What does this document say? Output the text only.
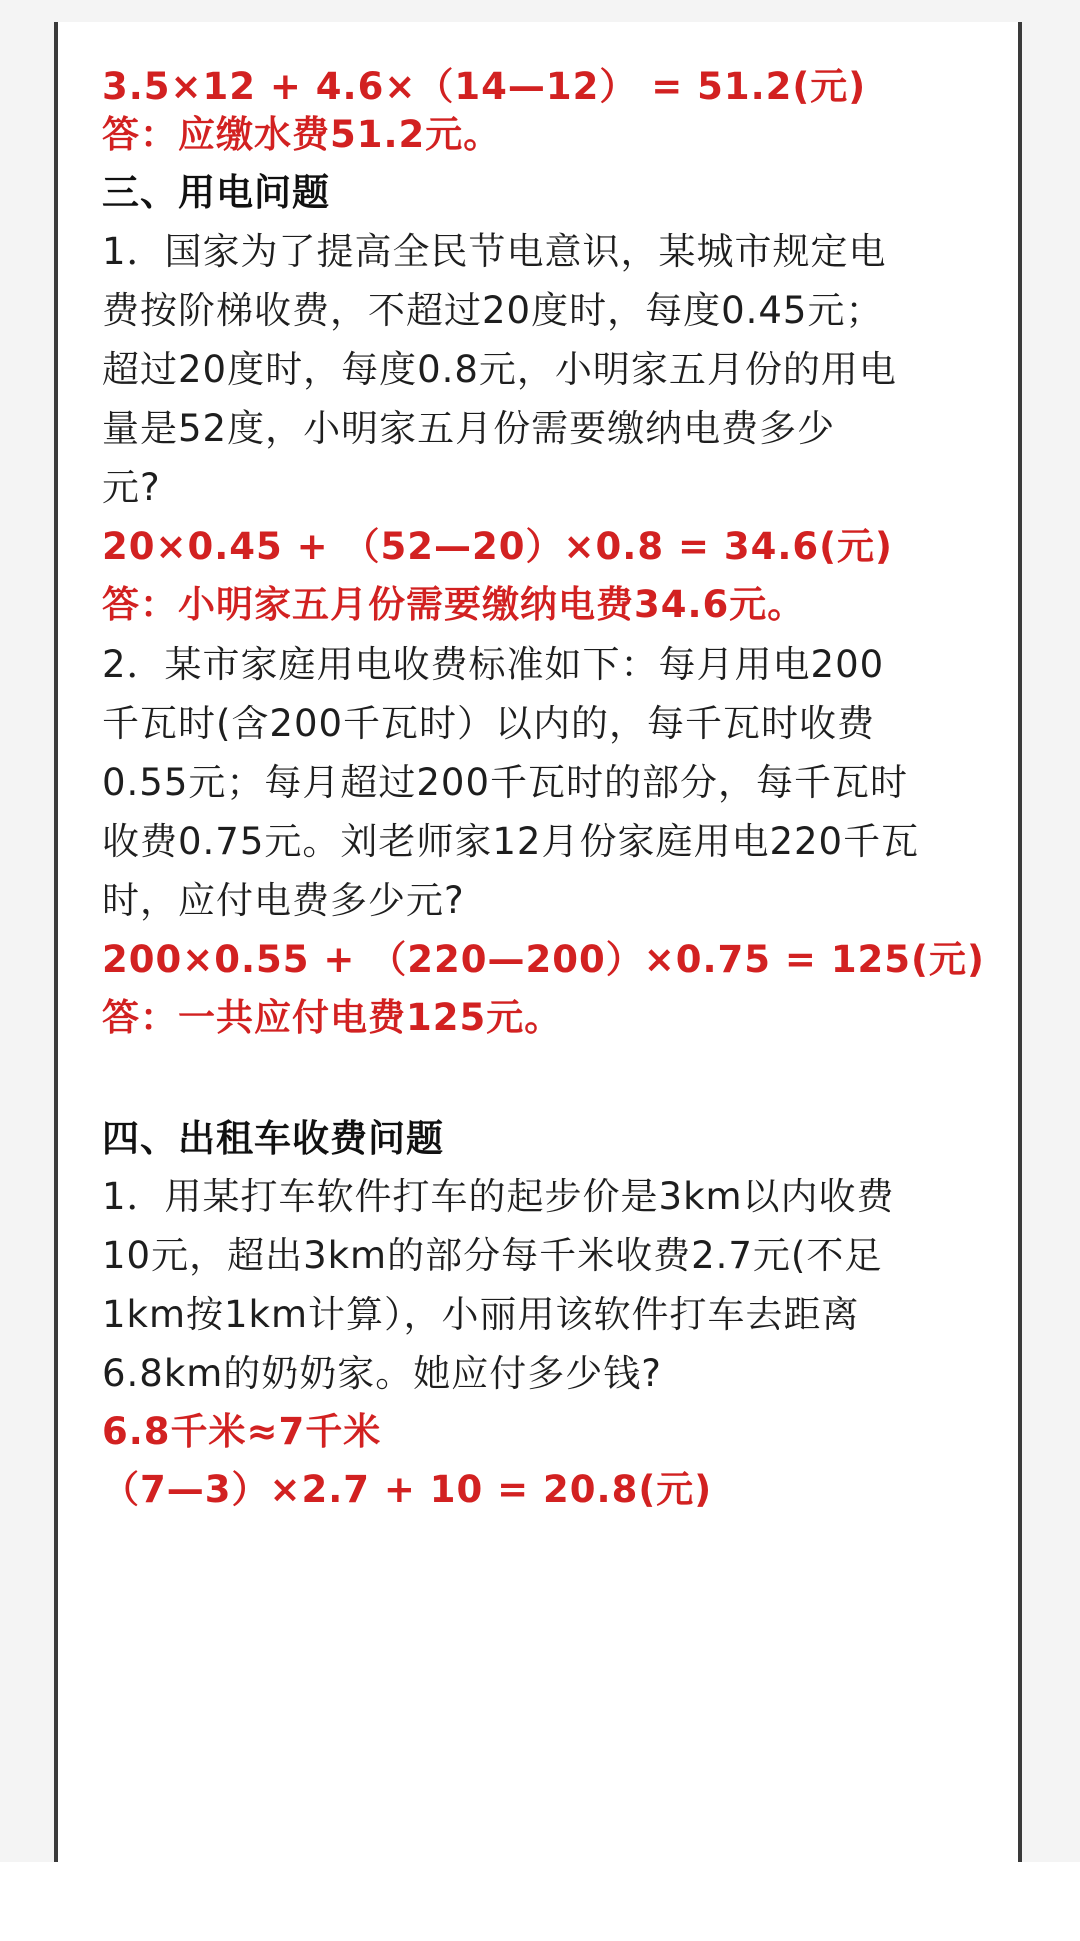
3.5×12 + 4.6×（14—12） = 51.2(元)
答：应缴水费51.2元。
三、用电问题
1．国家为了提高全民节电意识，某城市规定电
费按阶梯收费，不超过20度时，每度0.45元；
超过20度时，每度0.8元，小明家五月份的用电
量是52度，小明家五月份需要缴纳电费多少
元?
20×0.45 + （52—20）×0.8 = 34.6(元)
答：小明家五月份需要缴纳电费34.6元。
2．某市家庭用电收费标准如下：每月用电200
千瓦时(含200千瓦时）以内的，每千瓦时收费
0.55元；每月超过200千瓦时的部分，每千瓦时
收费0.75元。刘老师家12月份家庭用电220千瓦
时，应付电费多少元?
200×0.55 + （220—200）×0.75 = 125(元)
答：一共应付电费125元。
四、出租车收费问题
1．用某打车软件打车的起步价是3km以内收费
10元，超出3km的部分每千米收费2.7元(不足
1km按1km计算），小丽用该软件打车去距离
6.8km的奶奶家。她应付多少钱?
6.8千米≈7千米
（7—3）×2.7 + 10 = 20.8(元)
